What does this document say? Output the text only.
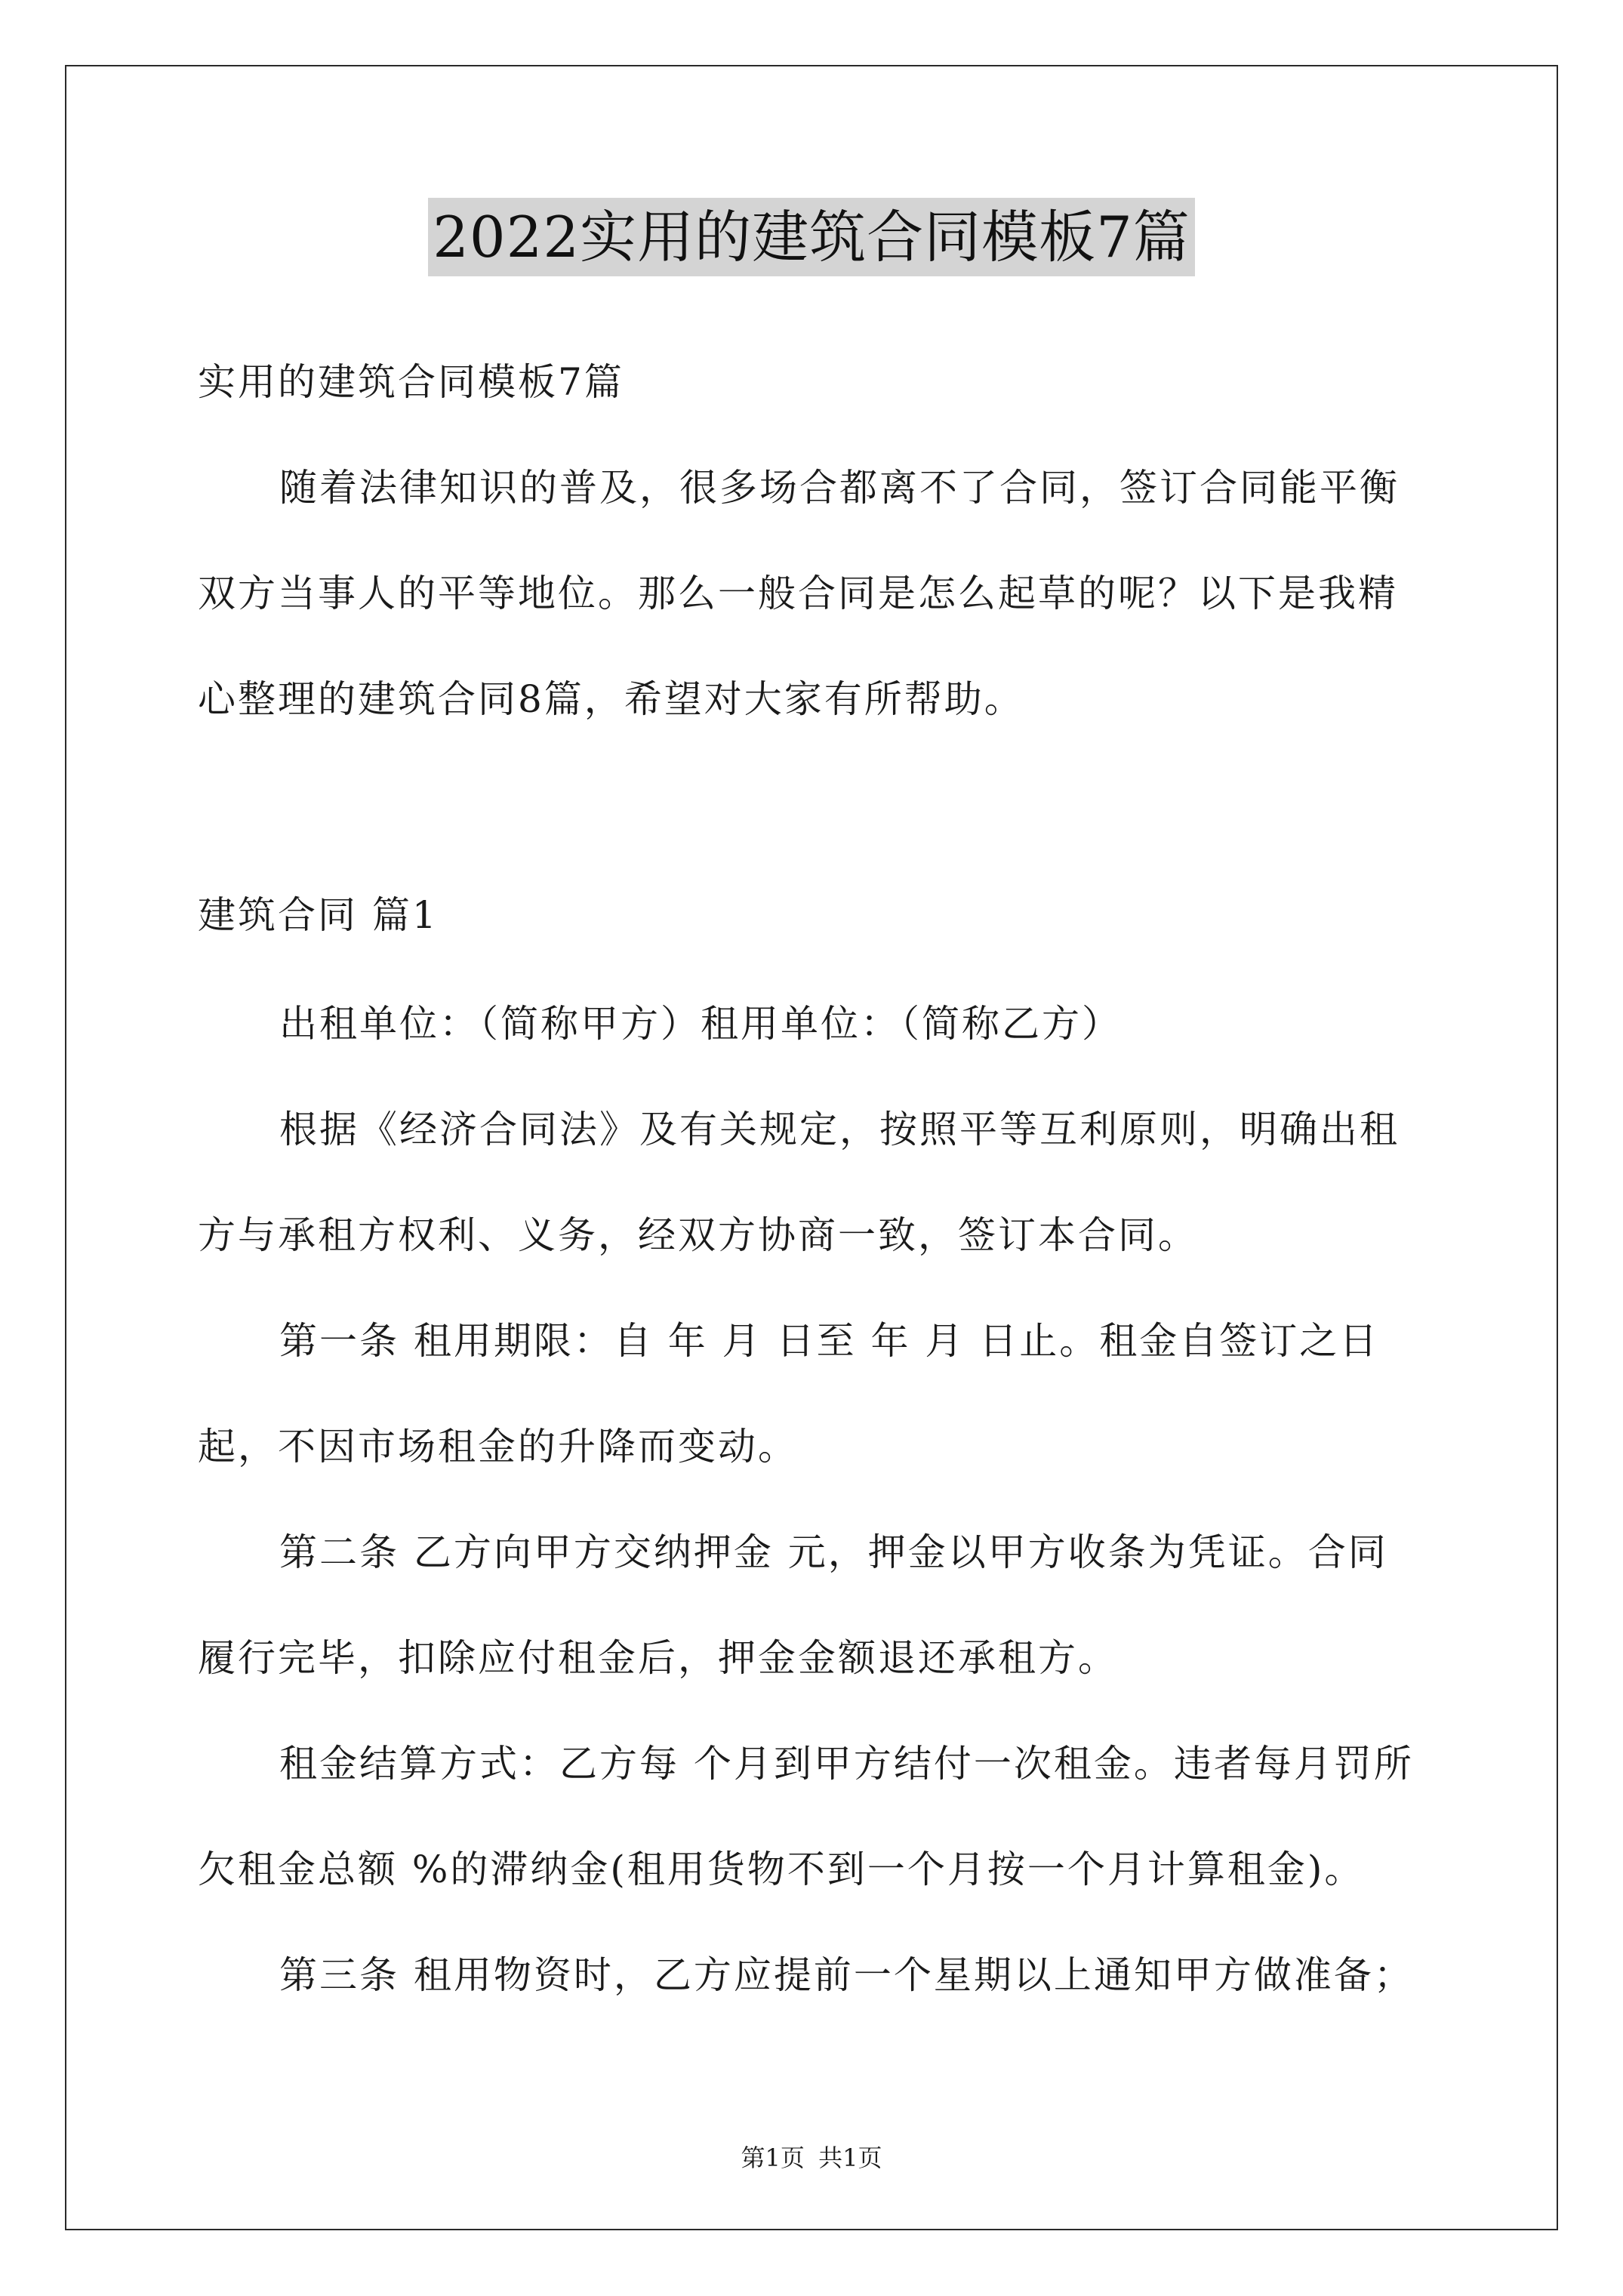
2022实用的建筑合同模板7篇
实用的建筑合同模板7篇
随着法律知识的普及，很多场合都离不了合同，签订合同能平衡
双方当事人的平等地位。那么一般合同是怎么起草的呢？以下是我精
心整理的建筑合同8篇，希望对大家有所帮助。
建筑合同 篇1
出租单位：（简称甲方）租用单位：（简称乙方）
根据《经济合同法》及有关规定，按照平等互利原则，明确出租
方与承租方权利、义务，经双方协商一致，签订本合同。
第一条 租用期限：自 年 月 日至 年 月 日止。租金自签订之日
起，不因市场租金的升降而变动。
第二条 乙方向甲方交纳押金 元，押金以甲方收条为凭证。合同
履行完毕，扣除应付租金后，押金金额退还承租方。
租金结算方式：乙方每 个月到甲方结付一次租金。违者每月罚所
欠租金总额 %的滞纳金(租用货物不到一个月按一个月计算租金)。
第三条 租用物资时，乙方应提前一个星期以上通知甲方做准备；
第1页 共1页
